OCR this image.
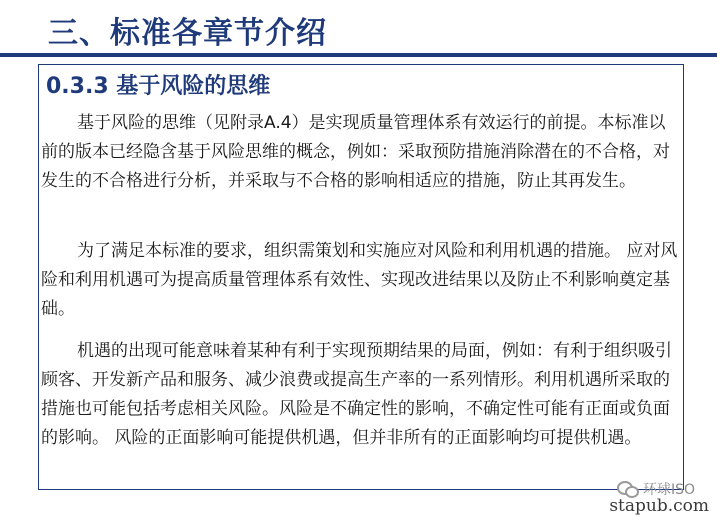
三、标准各章节介绍
0.3.3 基于风险的思维
基于风险的思维（见附录A.4）是实现质量管理体系有效运行的前提。本标准以前的版本已经隐含基于风险思维的概念，例如：采取预防措施消除潜在的不合格，对发生的不合格进行分析，并采取与不合格的影响相适应的措施，防止其再发生。
为了满足本标准的要求，组织需策划和实施应对风险和利用机遇的措施。 应对风险和利用机遇可为提高质量管理体系有效性、实现改进结果以及防止不利影响奠定基础。
机遇的出现可能意味着某种有利于实现预期结果的局面，例如：有利于组织吸引顾客、开发新产品和服务、减少浪费或提高生产率的一系列情形。利用机遇所采取的措施也可能包括考虑相关风险。风险是不确定性的影响，不确定性可能有正面或负面的影响。 风险的正面影响可能提供机遇，但并非所有的正面影响均可提供机遇。
环球ISO
stapub.com
